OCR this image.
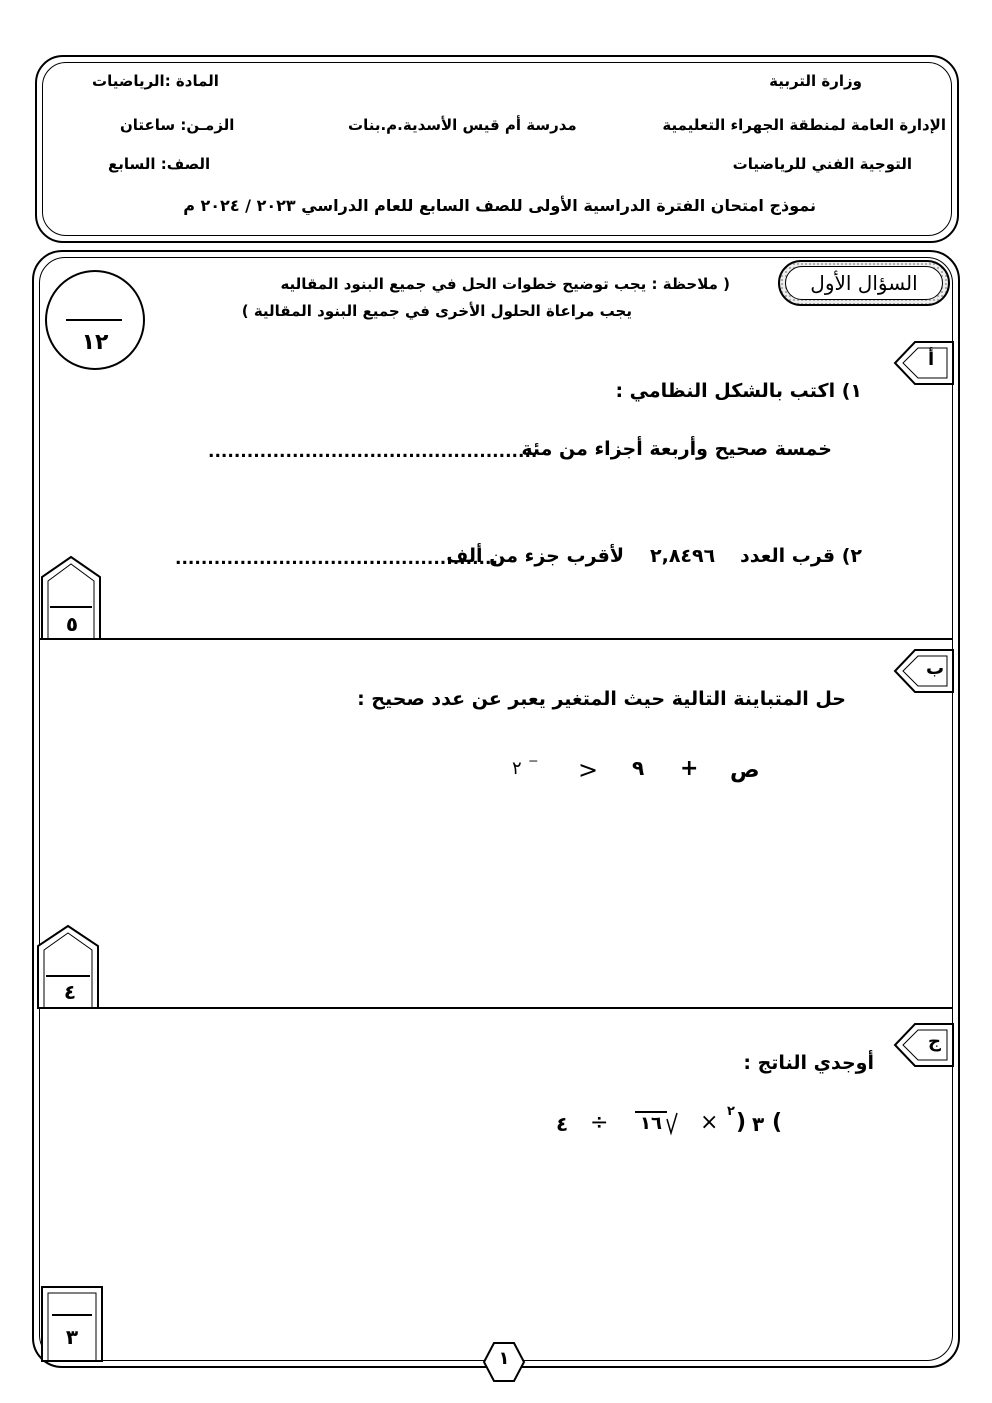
وزارة التربية
المادة :الرياضيات
الإدارة العامة لمنطقة الجهراء التعليمية
مدرسة أم قيس الأسدية.م.بنات
الزمـن: ساعتان
التوجية الفني للرياضيات
الصف: السابع
نموذج امتحان الفترة الدراسية الأولى للصف السابع للعام الدراسي ٢٠٢٣ / ٢٠٢٤ م
السؤال الأول
( ملاحظة : يجب توضيح خطوات الحل في جميع البنود المقاليه
يجب مراعاة الحلول الأخرى في جميع البنود المقالية )
١٢
أ
١) اكتب بالشكل النظامي :
خمسة صحيح وأربعة أجزاء من مئة
...................................................
٢) قرب العدد
٢,٨٤٩٦
لأقرب جزء من ألف
..................................................
٥
ب
حل المتباينة التالية حيث المتغير يعبر عن عدد صحيح :
ص
+
٩
>
⁻
٢
٤
ج
أوجدي الناتج :
(
٣
)
٢
×
١٦
÷
٤
٣
١
